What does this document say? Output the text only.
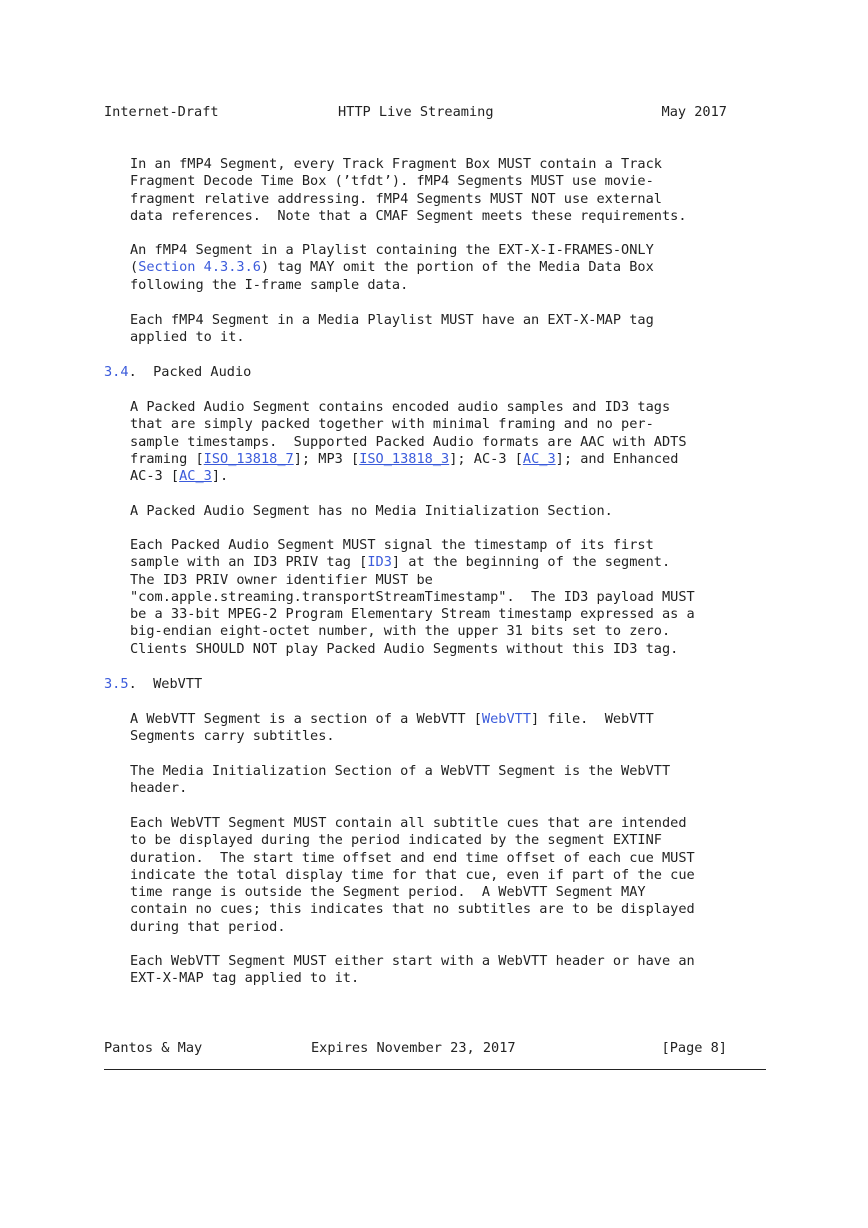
Internet-Draft	HTTP Live Streaming	May 2017
In an fMP4 Segment, every Track Fragment Box MUST contain a Track
Fragment Decode Time Box (’tfdt’). fMP4 Segments MUST use movie-
fragment relative addressing. fMP4 Segments MUST NOT use external
data references.  Note that a CMAF Segment meets these requirements.
An fMP4 Segment in a Playlist containing the EXT-X-I-FRAMES-ONLY
(Section 4.3.3.6) tag MAY omit the portion of the Media Data Box
following the I-frame sample data.
Each fMP4 Segment in a Media Playlist MUST have an EXT-X-MAP tag
applied to it.
3.4.  Packed Audio
A Packed Audio Segment contains encoded audio samples and ID3 tags
that are simply packed together with minimal framing and no per-
sample timestamps.  Supported Packed Audio formats are AAC with ADTS
framing [ISO_13818_7]; MP3 [ISO_13818_3]; AC-3 [AC_3]; and Enhanced
AC-3 [AC_3].
A Packed Audio Segment has no Media Initialization Section.
Each Packed Audio Segment MUST signal the timestamp of its first
sample with an ID3 PRIV tag [ID3] at the beginning of the segment.
The ID3 PRIV owner identifier MUST be
"com.apple.streaming.transportStreamTimestamp".  The ID3 payload MUST
be a 33-bit MPEG-2 Program Elementary Stream timestamp expressed as a
big-endian eight-octet number, with the upper 31 bits set to zero.
Clients SHOULD NOT play Packed Audio Segments without this ID3 tag.
3.5.  WebVTT
A WebVTT Segment is a section of a WebVTT [WebVTT] file.  WebVTT
Segments carry subtitles.
The Media Initialization Section of a WebVTT Segment is the WebVTT
header.
Each WebVTT Segment MUST contain all subtitle cues that are intended
to be displayed during the period indicated by the segment EXTINF
duration.  The start time offset and end time offset of each cue MUST
indicate the total display time for that cue, even if part of the cue
time range is outside the Segment period.  A WebVTT Segment MAY
contain no cues; this indicates that no subtitles are to be displayed
during that period.
Each WebVTT Segment MUST either start with a WebVTT header or have an
EXT-X-MAP tag applied to it.
Pantos & May	Expires November 23, 2017	[Page 8]
